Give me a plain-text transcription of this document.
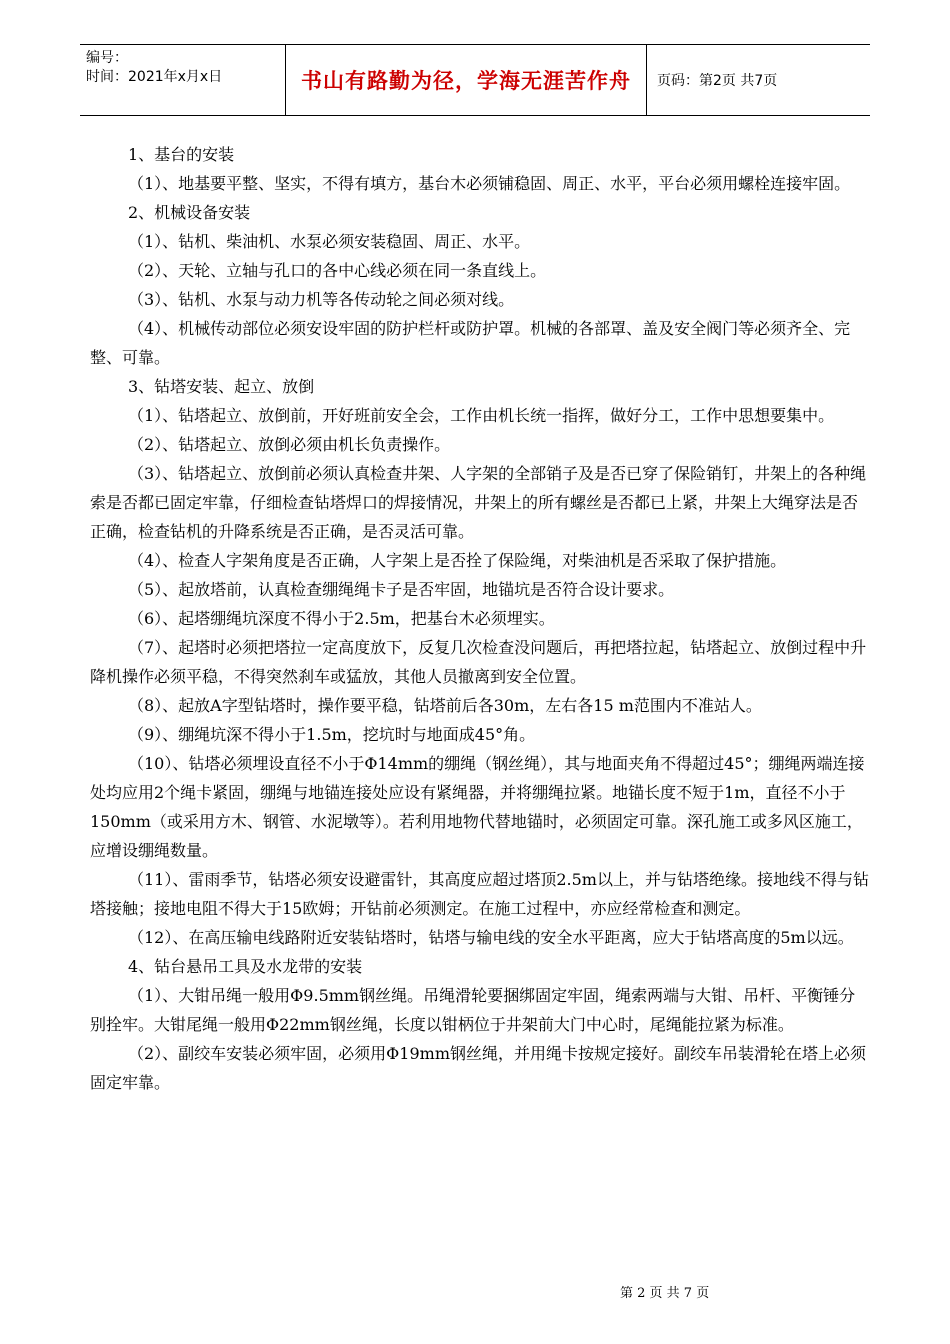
编号：
时间：2021年x月x日	书山有路勤为径，学海无涯苦作舟	页码：第2页 共7页

1、基台的安装

（1）、地基要平整、坚实，不得有填方，基台木必须铺稳固、周正、水平，平台必须用螺栓连接牢固。

2、机械设备安装

（1）、钻机、柴油机、水泵必须安装稳固、周正、水平。

（2）、天轮、立轴与孔口的各中心线必须在同一条直线上。

（3）、钻机、水泵与动力机等各传动轮之间必须对线。

（4）、机械传动部位必须安设牢固的防护栏杆或防护罩。机械的各部罩、盖及安全阀门等必须齐全、完整、可靠。

3、钻塔安装、起立、放倒

（1）、钻塔起立、放倒前，开好班前安全会，工作由机长统一指挥，做好分工，工作中思想要集中。

（2）、钻塔起立、放倒必须由机长负责操作。

（3）、钻塔起立、放倒前必须认真检查井架、人字架的全部销子及是否已穿了保险销钉，井架上的各种绳索是否都已固定牢靠，仔细检查钻塔焊口的焊接情况，井架上的所有螺丝是否都已上紧，井架上大绳穿法是否正确，检查钻机的升降系统是否正确，是否灵活可靠。

（4）、检查人字架角度是否正确，人字架上是否拴了保险绳，对柴油机是否采取了保护措施。

（5）、起放塔前，认真检查绷绳绳卡子是否牢固，地锚坑是否符合设计要求。

（6）、起塔绷绳坑深度不得小于2.5m，把基台木必须埋实。

（7）、起塔时必须把塔拉一定高度放下，反复几次检查没问题后，再把塔拉起，钻塔起立、放倒过程中升降机操作必须平稳，不得突然刹车或猛放，其他人员撤离到安全位置。

（8）、起放A字型钻塔时，操作要平稳，钻塔前后各30m，左右各15 m范围内不准站人。

（9）、绷绳坑深不得小于1.5m，挖坑时与地面成45°角。

（10）、钻塔必须埋设直径不小于Φ14mm的绷绳（钢丝绳），其与地面夹角不得超过45°；绷绳两端连接处均应用2个绳卡紧固，绷绳与地锚连接处应设有紧绳器，并将绷绳拉紧。地锚长度不短于1m，直径不小于150mm（或采用方木、钢管、水泥墩等）。若利用地物代替地锚时，必须固定可靠。深孔施工或多风区施工，应增设绷绳数量。

（11）、雷雨季节，钻塔必须安设避雷针，其高度应超过塔顶2.5m以上，并与钻塔绝缘。接地线不得与钻塔接触；接地电阻不得大于15欧姆；开钻前必须测定。在施工过程中，亦应经常检查和测定。

（12）、在高压输电线路附近安装钻塔时，钻塔与输电线的安全水平距离，应大于钻塔高度的5m以远。

4、钻台悬吊工具及水龙带的安装

（1）、大钳吊绳一般用Φ9.5mm钢丝绳。吊绳滑轮要捆绑固定牢固，绳索两端与大钳、吊杆、平衡锤分别拴牢。大钳尾绳一般用Φ22mm钢丝绳，长度以钳柄位于井架前大门中心时，尾绳能拉紧为标准。

（2）、副绞车安装必须牢固，必须用Φ19mm钢丝绳，并用绳卡按规定接好。副绞车吊装滑轮在塔上必须固定牢靠。

第 2 页 共 7 页
